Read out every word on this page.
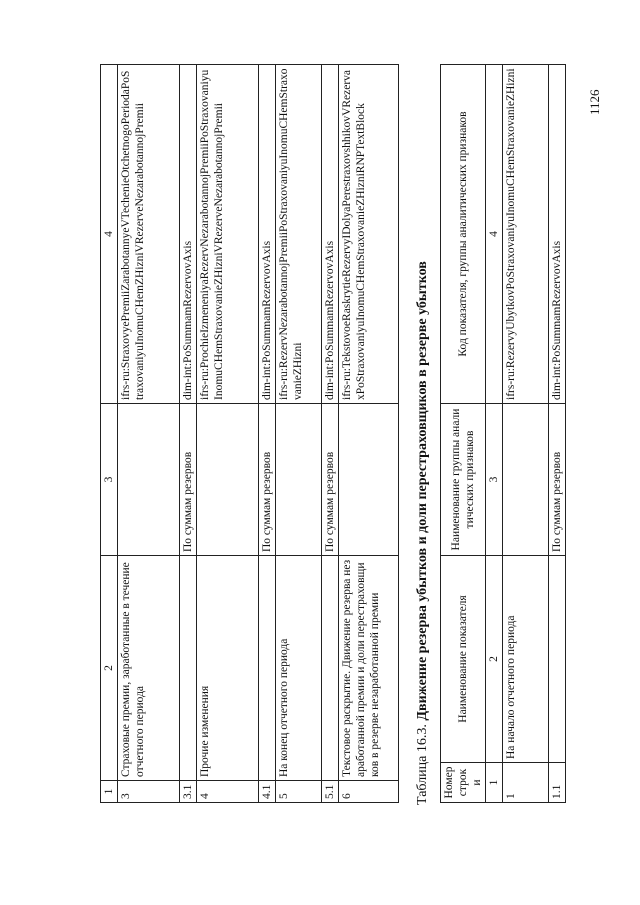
1126
1	2	3	4
3	Страховые премии, заработанные в течение отчетного периода		ifrs-ru:StraxovyePremiiZarabotannyeVTechenieOtchetnogoPeriodaPoStraxovaniyuInomuCHemZHizniVRezerveNezarabotannojPremii
3.1		По суммам резервов	dim-int:PoSummamRezervovAxis
4	Прочие изменения		ifrs-ru:ProchieIzmeneniyaRezervNezarabotannojPremiiPoStraxovaniyuInomuCHemStraxovanieZHizniVRezerveNezarabotannojPremii
4.1		По суммам резервов	dim-int:PoSummamRezervovAxis
5	На конец отчетного периода		ifrs-ru:RezervNezarabotannojPremiiPoStraxovaniyuInomuCHemStraxovanieZHizni
5.1		По суммам резервов	dim-int:PoSummamRezervovAxis
6	Текстовое раскрытие. Движение резерва незаработанной премии и доли перестраховщиков в резерве незаработанной премии		ifrs-ru:TekstovoeRaskrytieRezervyIDolyaPerestraxovshhikovVRezervaxPoStraxovaniyuInomuCHemStraxovanieZHizniRNPTextBlock
Таблица 16.3. Движение резерва убытков и доли перестраховщиков в резерве убытков
Номер строки	Наименование показателя	Наименование группы аналитических признаков	Код показателя, группы аналитических признаков
1	2	3	4
1	На начало отчетного периода		ifrs-ru:RezervyUbytkovPoStraxovaniyuInomuCHemStraxovanieZHizni
1.1		По суммам резервов	dim-int:PoSummamRezervovAxis
